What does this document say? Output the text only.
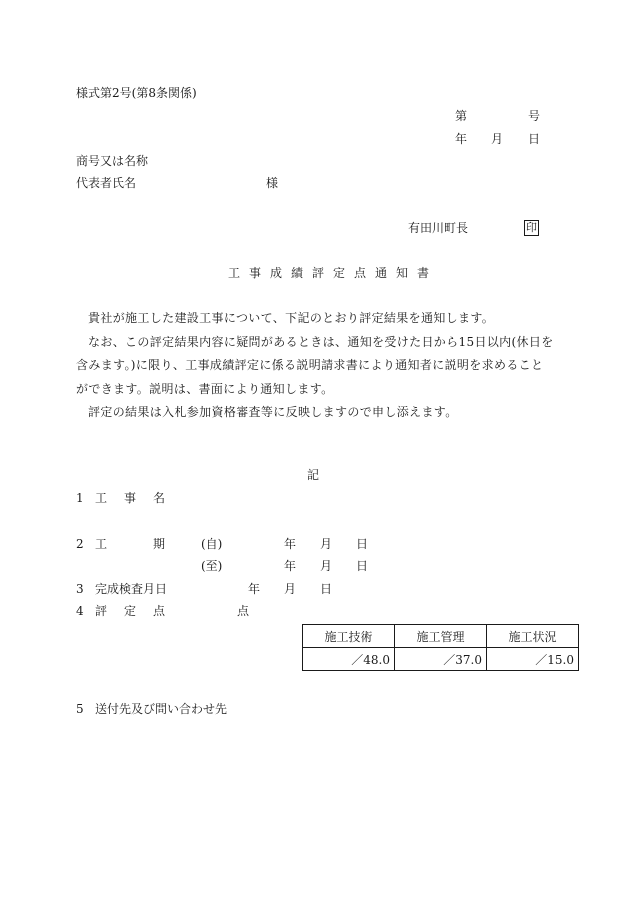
様式第2号(第8条関係)
第	号
年 月 日
商号又は名称
代表者氏名	様
有田川町長	印
工事成績評定点通知書

貴社が施工した建設工事について、下記のとおり評定結果を通知します。

なお、この評定結果内容に疑問があるときは、通知を受けた日から15日以内(休日を含みます。)に限り、工事成績評定に係る説明請求書により通知者に説明を求めることができます。説明は、書面により通知します。

評定の結果は入札参加資格審査等に反映しますので申し添えます。

記
1 工 事 名
2 工	期	(自)	年 月 日
(至)	年 月 日
3 完成検査月日	年 月 日
4 評 定 点	点
施工技術	施工管理	施工状況
／48.0	／37.0	／15.0
5 送付先及び問い合わせ先
